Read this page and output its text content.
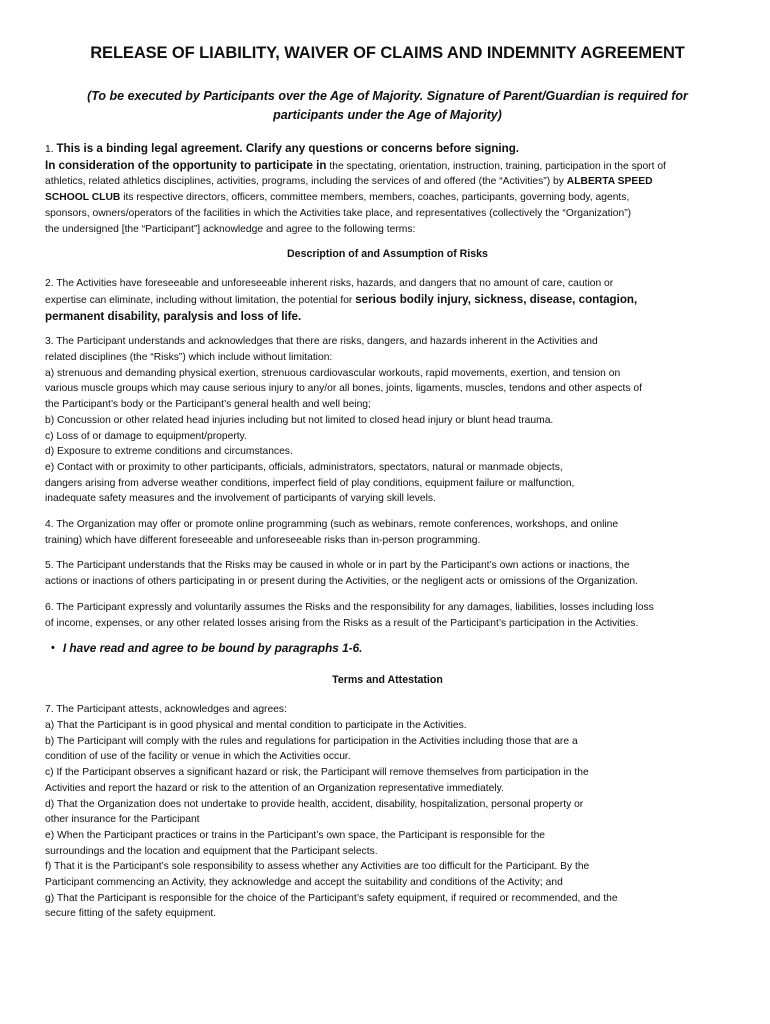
RELEASE OF LIABILITY, WAIVER OF CLAIMS AND INDEMNITY AGREEMENT
(To be executed by Participants over the Age of Majority. Signature of Parent/Guardian is required for participants under the Age of Majority)
1. This is a binding legal agreement. Clarify any questions or concerns before signing.
In consideration of the opportunity to participate in the spectating, orientation, instruction, training, participation in the sport of
athletics, related athletics disciplines, activities, programs, including the services of and offered (the “Activities”) by ALBERTA SPEED
SCHOOL CLUB its respective directors, officers, committee members, members, coaches, participants, governing body, agents,
sponsors, owners/operators of the facilities in which the Activities take place, and representatives (collectively the “Organization”)
the undersigned [the “Participant”] acknowledge and agree to the following terms:
Description of and Assumption of Risks
2. The Activities have foreseeable and unforeseeable inherent risks, hazards, and dangers that no amount of care, caution or
expertise can eliminate, including without limitation, the potential for serious bodily injury, sickness, disease, contagion,
permanent disability, paralysis and loss of life.
3. The Participant understands and acknowledges that there are risks, dangers, and hazards inherent in the Activities and
related disciplines (the “Risks”) which include without limitation:
a) strenuous and demanding physical exertion, strenuous cardiovascular workouts, rapid movements, exertion, and tension on
various muscle groups which may cause serious injury to any/or all bones, joints, ligaments, muscles, tendons and other aspects of
the Participant’s body or the Participant’s general health and well being;
b) Concussion or other related head injuries including but not limited to closed head injury or blunt head trauma.
c) Loss of or damage to equipment/property.
d) Exposure to extreme conditions and circumstances.
e) Contact with or proximity to other participants, officials, administrators, spectators, natural or manmade objects,
dangers arising from adverse weather conditions, imperfect field of play conditions, equipment failure or malfunction,
inadequate safety measures and the involvement of participants of varying skill levels.
4. The Organization may offer or promote online programming (such as webinars, remote conferences, workshops, and online
training) which have different foreseeable and unforeseeable risks than in-person programming.
5. The Participant understands that the Risks may be caused in whole or in part by the Participant’s own actions or inactions, the
actions or inactions of others participating in or present during the Activities, or the negligent acts or omissions of the Organization.
6. The Participant expressly and voluntarily assumes the Risks and the responsibility for any damages, liabilities, losses including loss
of income, expenses, or any other related losses arising from the Risks as a result of the Participant’s participation in the Activities.
• I have read and agree to be bound by paragraphs 1-6.
Terms and Attestation
7. The Participant attests, acknowledges and agrees:
a) That the Participant is in good physical and mental condition to participate in the Activities.
b) The Participant will comply with the rules and regulations for participation in the Activities including those that are a
condition of use of the facility or venue in which the Activities occur.
c) If the Participant observes a significant hazard or risk, the Participant will remove themselves from participation in the
Activities and report the hazard or risk to the attention of an Organization representative immediately.
d) That the Organization does not undertake to provide health, accident, disability, hospitalization, personal property or
other insurance for the Participant
e) When the Participant practices or trains in the Participant’s own space, the Participant is responsible for the
surroundings and the location and equipment that the Participant selects.
f) That it is the Participant’s sole responsibility to assess whether any Activities are too difficult for the Participant. By the
Participant commencing an Activity, they acknowledge and accept the suitability and conditions of the Activity; and
g) That the Participant is responsible for the choice of the Participant’s safety equipment, if required or recommended, and the
secure fitting of the safety equipment.
